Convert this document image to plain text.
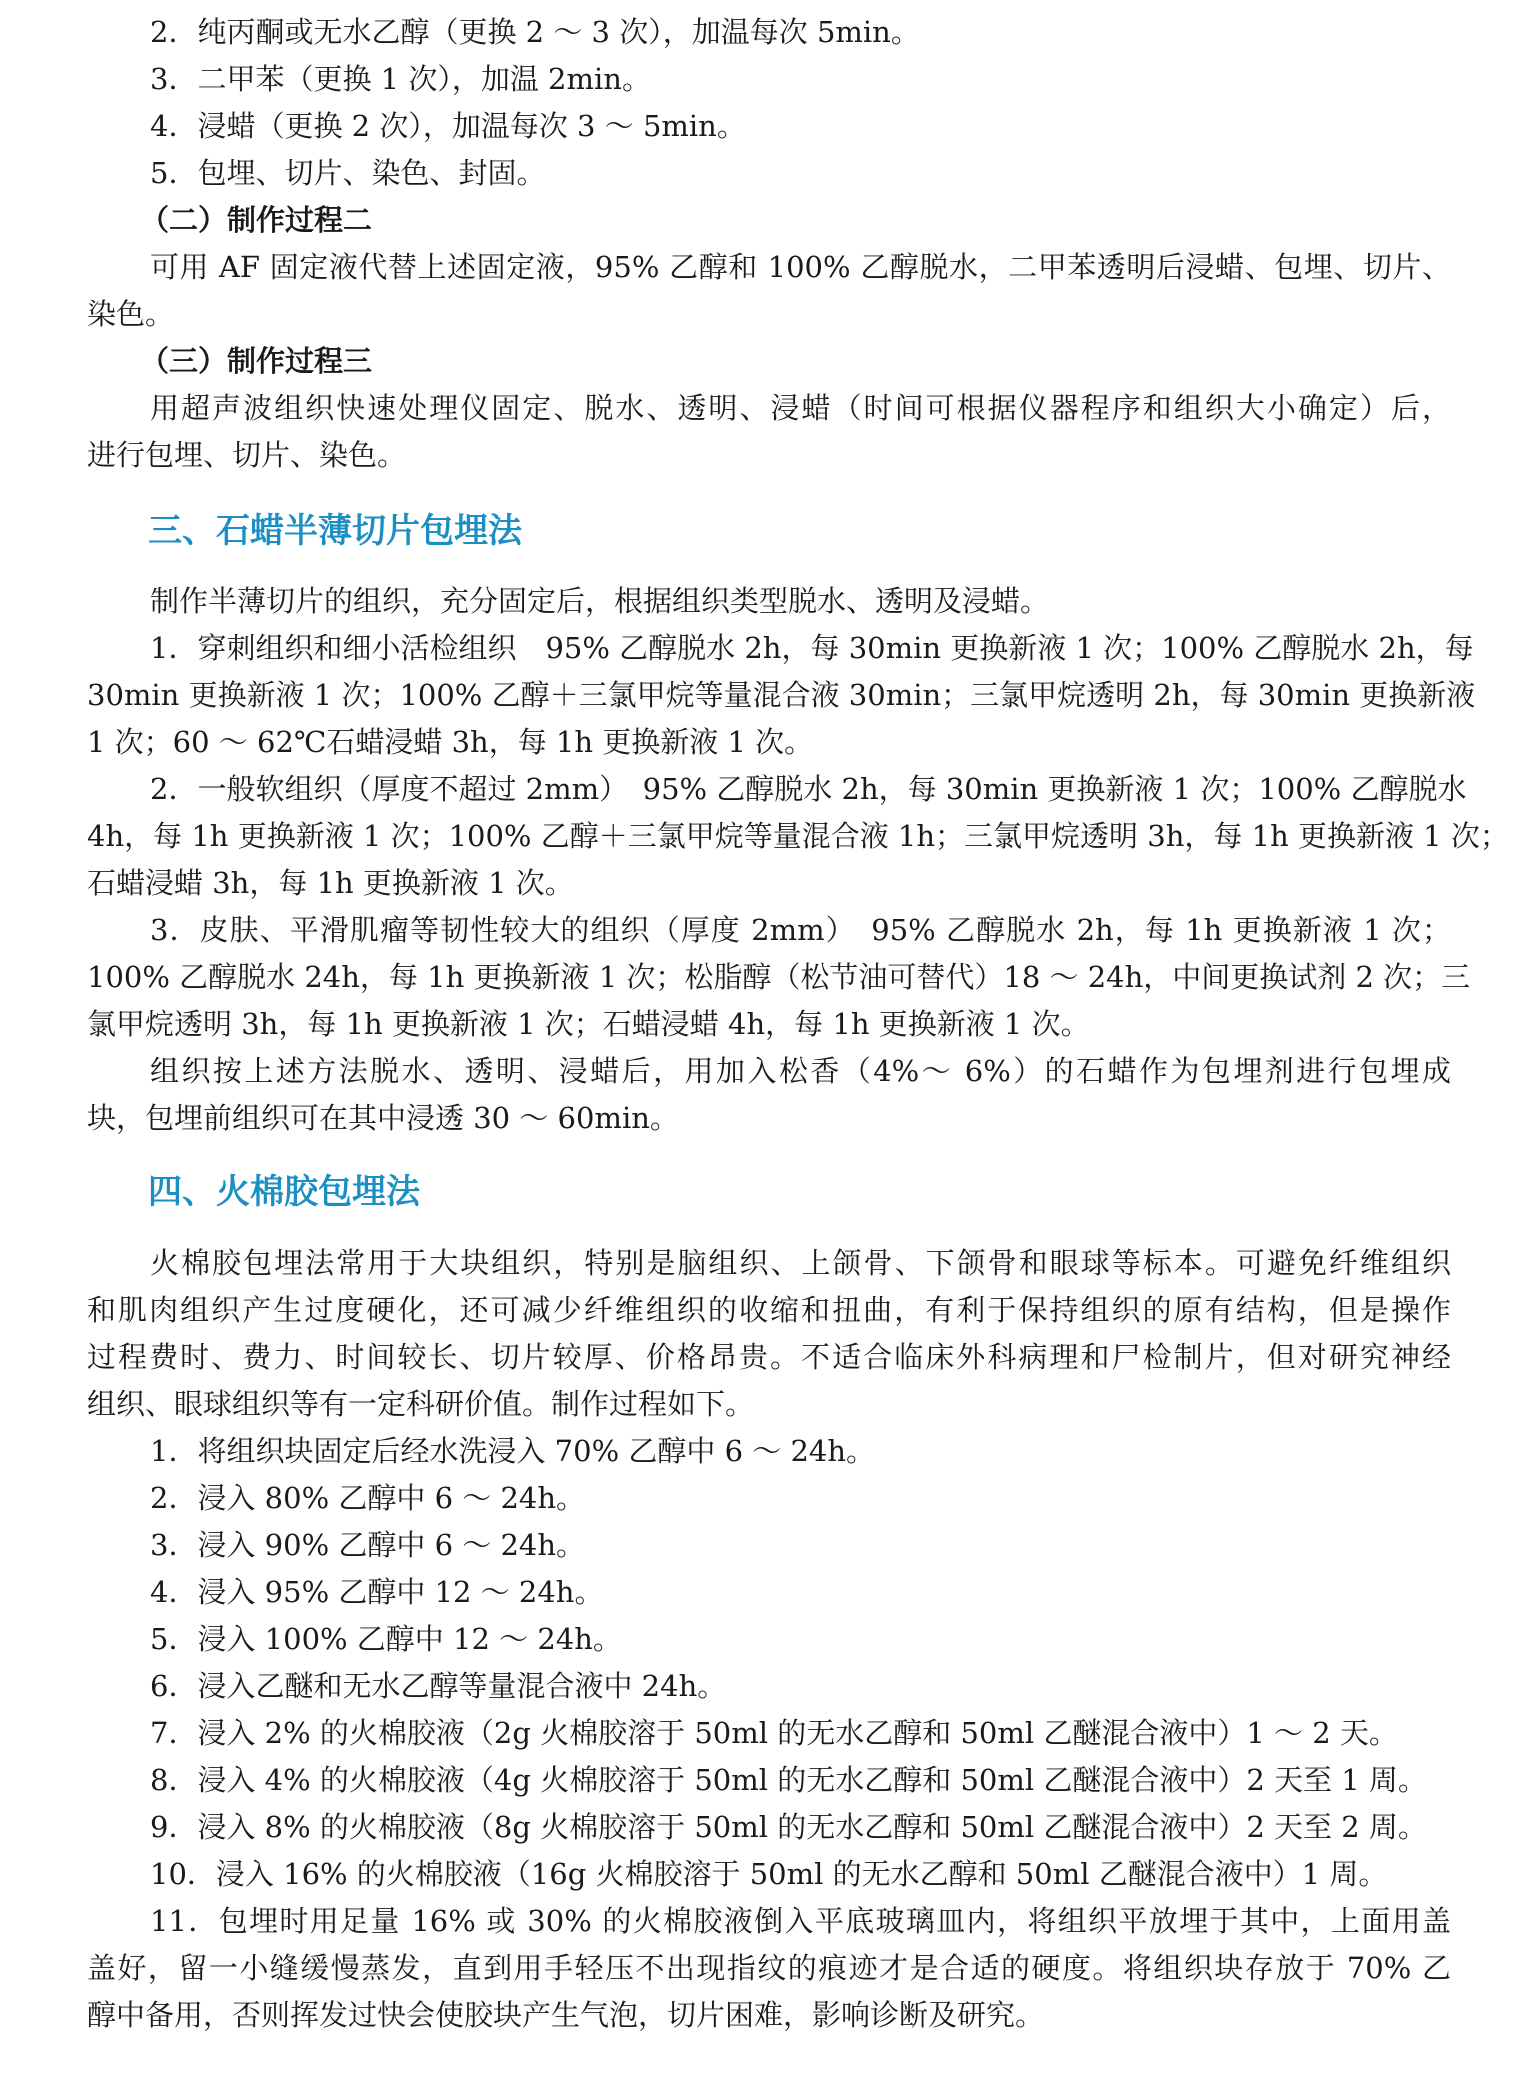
2．纯丙酮或无水乙醇（更换 2 ～ 3 次），加温每次 5min。

3．二甲苯（更换 1 次），加温 2min。

4．浸蜡（更换 2 次），加温每次 3 ～ 5min。

5．包埋、切片、染色、封固。

（二）制作过程二

可用 AF 固定液代替上述固定液，95% 乙醇和 100% 乙醇脱水，二甲苯透明后浸蜡、包埋、切片、

染色。

（三）制作过程三

用超声波组织快速处理仪固定、脱水、透明、浸蜡（时间可根据仪器程序和组织大小确定）后，

进行包埋、切片、染色。

三、石蜡半薄切片包埋法

制作半薄切片的组织，充分固定后，根据组织类型脱水、透明及浸蜡。

1．穿刺组织和细小活检组织　95% 乙醇脱水 2h，每 30min 更换新液 1 次；100% 乙醇脱水 2h，每

30min 更换新液 1 次；100% 乙醇＋三氯甲烷等量混合液 30min；三氯甲烷透明 2h，每 30min 更换新液

1 次；60 ～ 62℃石蜡浸蜡 3h，每 1h 更换新液 1 次。

2．一般软组织（厚度不超过 2mm）　95% 乙醇脱水 2h，每 30min 更换新液 1 次；100% 乙醇脱水

4h，每 1h 更换新液 1 次；100% 乙醇＋三氯甲烷等量混合液 1h；三氯甲烷透明 3h，每 1h 更换新液 1 次；

石蜡浸蜡 3h，每 1h 更换新液 1 次。

3．皮肤、平滑肌瘤等韧性较大的组织（厚度 2mm）　95% 乙醇脱水 2h，每 1h 更换新液 1 次；

100% 乙醇脱水 24h，每 1h 更换新液 1 次；松脂醇（松节油可替代）18 ～ 24h，中间更换试剂 2 次；三

氯甲烷透明 3h，每 1h 更换新液 1 次；石蜡浸蜡 4h，每 1h 更换新液 1 次。

组织按上述方法脱水、透明、浸蜡后，用加入松香（4%～ 6%）的石蜡作为包埋剂进行包埋成

块，包埋前组织可在其中浸透 30 ～ 60min。

四、火棉胶包埋法

火棉胶包埋法常用于大块组织，特别是脑组织、上颌骨、下颌骨和眼球等标本。可避免纤维组织

和肌肉组织产生过度硬化，还可减少纤维组织的收缩和扭曲，有利于保持组织的原有结构，但是操作

过程费时、费力、时间较长、切片较厚、价格昂贵。不适合临床外科病理和尸检制片，但对研究神经

组织、眼球组织等有一定科研价值。制作过程如下。

1．将组织块固定后经水洗浸入 70% 乙醇中 6 ～ 24h。

2．浸入 80% 乙醇中 6 ～ 24h。

3．浸入 90% 乙醇中 6 ～ 24h。

4．浸入 95% 乙醇中 12 ～ 24h。

5．浸入 100% 乙醇中 12 ～ 24h。

6．浸入乙醚和无水乙醇等量混合液中 24h。

7．浸入 2% 的火棉胶液（2g 火棉胶溶于 50ml 的无水乙醇和 50ml 乙醚混合液中）1 ～ 2 天。

8．浸入 4% 的火棉胶液（4g 火棉胶溶于 50ml 的无水乙醇和 50ml 乙醚混合液中）2 天至 1 周。

9．浸入 8% 的火棉胶液（8g 火棉胶溶于 50ml 的无水乙醇和 50ml 乙醚混合液中）2 天至 2 周。

10．浸入 16% 的火棉胶液（16g 火棉胶溶于 50ml 的无水乙醇和 50ml 乙醚混合液中）1 周。

11．包埋时用足量 16% 或 30% 的火棉胶液倒入平底玻璃皿内，将组织平放埋于其中，上面用盖

盖好，留一小缝缓慢蒸发，直到用手轻压不出现指纹的痕迹才是合适的硬度。将组织块存放于 70% 乙

醇中备用，否则挥发过快会使胶块产生气泡，切片困难，影响诊断及研究。
